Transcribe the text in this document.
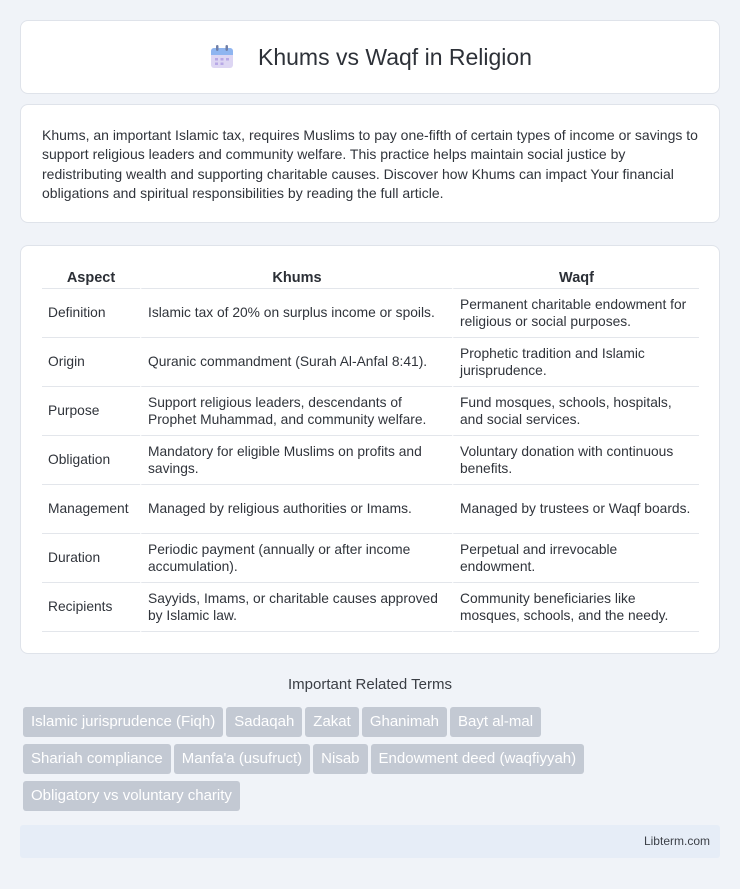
Khums vs Waqf in Religion

Khums, an important Islamic tax, requires Muslims to pay one-fifth of certain types of income or savings to support religious leaders and community welfare. This practice helps maintain social justice by redistributing wealth and supporting charitable causes. Discover how Khums can impact Your financial obligations and spiritual responsibilities by reading the full article.

Aspect	Khums	Waqf
Definition	Islamic tax of 20% on surplus income or spoils.	Permanent charitable endowment for religious or social purposes.
Origin	Quranic commandment (Surah Al-Anfal 8:41).	Prophetic tradition and Islamic jurisprudence.
Purpose	Support religious leaders, descendants of Prophet Muhammad, and community welfare.	Fund mosques, schools, hospitals, and social services.
Obligation	Mandatory for eligible Muslims on profits and savings.	Voluntary donation with continuous benefits.
Management	Managed by religious authorities or Imams.	Managed by trustees or Waqf boards.
Duration	Periodic payment (annually or after income accumulation).	Perpetual and irrevocable endowment.
Recipients	Sayyids, Imams, or charitable causes approved by Islamic law.	Community beneficiaries like mosques, schools, and the needy.
Important Related Terms
Islamic jurisprudence (Fiqh) Sadaqah Zakat Ghanimah Bayt al-mal
Shariah compliance Manfa'a (usufruct) Nisab Endowment deed (waqfiyyah)
Obligatory vs voluntary charity
Libterm.com
